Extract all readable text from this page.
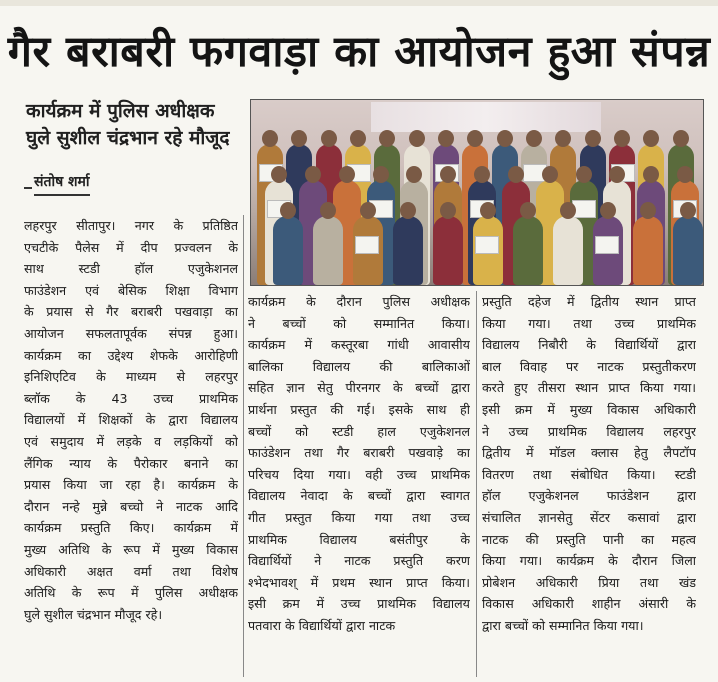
गैर बराबरी फगवाड़ा का आयोजन हुआ संपन्न
कार्यक्रम में पुलिस अधीक्षक
घुले सुशील चंद्रभान रहे मौजूद
संतोष शर्मा
लहरपुर सीतापुर। नगर के प्रतिष्ठित
एचटीके पैलेस में दीप प्रज्वलन के
साथ स्टडी हॉल एजुकेशनल
फाउंडेशन एवं बेसिक शिक्षा विभाग
के प्रयास से गैर बराबरी पखवाड़ा का
आयोजन सफलतापूर्वक संपन्न हुआ।
कार्यक्रम का उद्देश्य शेफके आरोहिणी
इनिशिएटिव के माध्यम से लहरपुर
ब्लॉक के 43 उच्च प्राथमिक
विद्यालयों में शिक्षकों के द्वारा विद्यालय
एवं समुदाय में लड़के व लड़कियों को
लैंगिक न्याय के पैरोकार बनाने का
प्रयास किया जा रहा है। कार्यक्रम के
दौरान नन्हे मुन्ने बच्चो ने नाटक आदि
कार्यक्रम प्रस्तुति किए। कार्यक्रम में
मुख्य अतिथि के रूप में मुख्य विकास
अधिकारी अक्षत वर्मा तथा विशेष
अतिथि के रूप में पुलिस अधीक्षक
घुले सुशील चंद्रभान मौजूद रहे।
कार्यक्रम के दौरान पुलिस अधीक्षक
ने बच्चों को सम्मानित किया।
कार्यक्रम में कस्तूरबा गांधी आवासीय
बालिका विद्यालय की बालिकाओं
सहित ज्ञान सेतु पीरनगर के बच्चों द्वारा
प्रार्थना प्रस्तुत की गई। इसके साथ ही
बच्चों को स्टडी हाल एजुकेशनल
फाउंडेशन तथा गैर बराबरी पखवाड़े का
परिचय दिया गया। वही उच्च प्राथमिक
विद्यालय नेवादा के बच्चों द्वारा स्वागत
गीत प्रस्तुत किया गया तथा उच्च
प्राथमिक विद्यालय बसंतीपुर के
विद्यार्थियों ने नाटक प्रस्तुति करण
श्भेदभावश् में प्रथम स्थान प्राप्त किया।
इसी क्रम में उच्च प्राथमिक विद्यालय
पतवारा के विद्यार्थियों द्वारा नाटक
प्रस्तुति दहेज में द्वितीय स्थान प्राप्त
किया गया। तथा उच्च प्राथमिक
विद्यालय निबौरी के विद्यार्थियों द्वारा
बाल विवाह पर नाटक प्रस्तुतीकरण
करते हुए तीसरा स्थान प्राप्त किया गया।
इसी क्रम में मुख्य विकास अधिकारी
ने उच्च प्राथमिक विद्यालय लहरपुर
द्वितीय में मॉडल क्लास हेतु लैपटॉप
वितरण तथा संबोधित किया। स्टडी
हॉल एजुकेशनल फाउंडेशन द्वारा
संचालित ज्ञानसेतु सेंटर कसावां द्वारा
नाटक की प्रस्तुति पानी का महत्व
किया गया। कार्यक्रम के दौरान जिला
प्रोबेशन अधिकारी प्रिया तथा खंड
विकास अधिकारी शाहीन अंसारी के
द्वारा बच्चों को सम्मानित किया गया।
